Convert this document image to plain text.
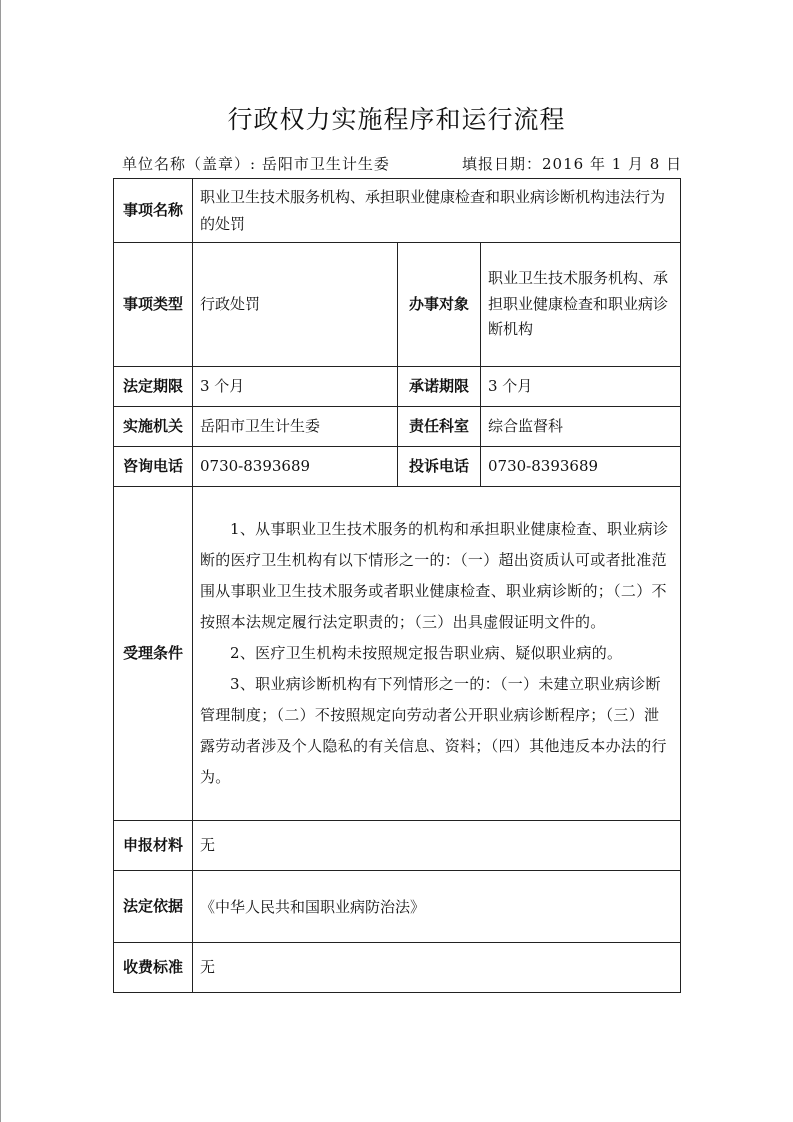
行政权力实施程序和运行流程
单位名称（盖章）: 岳阳市卫生计生委	填报日期：2016 年 1 月 8 日
事项名称	职业卫生技术服务机构、承担职业健康检查和职业病诊断机构违法行为的处罚		
事项类型	行政处罚	办事对象	职业卫生技术服务机构、承担职业健康检查和职业病诊断机构
法定期限	3 个月	承诺期限	3 个月
实施机关	岳阳市卫生计生委	责任科室	综合监督科
咨询电话	0730-8393689	投诉电话	0730-8393689
受理条件	1、从事职业卫生技术服务的机构和承担职业健康检查、职业病诊断的医疗卫生机构有以下情形之一的：（一）超出资质认可或者批准范围从事职业卫生技术服务或者职业健康检查、职业病诊断的；（二）不按照本法规定履行法定职责的；（三）出具虚假证明文件的。

2、医疗卫生机构未按照规定报告职业病、疑似职业病的。

3、职业病诊断机构有下列情形之一的：（一）未建立职业病诊断管理制度；（二）不按照规定向劳动者公开职业病诊断程序；（三）泄露劳动者涉及个人隐私的有关信息、资料；（四）其他违反本办法的行为。		

申报材料	无		
法定依据	《中华人民共和国职业病防治法》		
收费标准	无		
